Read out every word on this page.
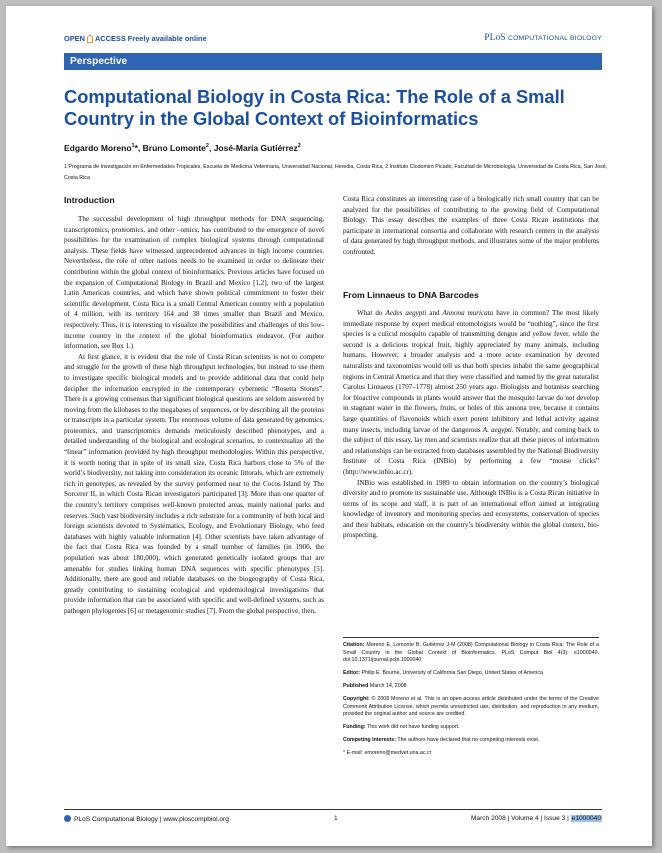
OPEN ACCESS Freely available online	PLoS COMPUTATIONAL BIOLOGY
Perspective
Computational Biology in Costa Rica: The Role of a Small Country in the Global Context of Bioinformatics
Edgardo Moreno$^1$*, Bruno Lomonte$^2$, José-María Gutiérrez$^2$
1 Programa de Investigación en Enfermedades Tropicales, Escuela de Medicina Veterinaria, Universidad Nacional, Heredia, Costa Rica, 2 Instituto Clodomiro Picado, Facultad de Microbiología, Universidad de Costa Rica, San José, Costa Rica
Introduction

The successful development of high throughput methods for DNA sequencing, transcriptomics, proteomics, and other –omics, has contributed to the emergence of novel possibilities for the examination of complex biological systems through computational analysis. These fields have witnessed unprecedented advances in high income countries. Nevertheless, the role of other nations needs to be examined in order to delineate their contribution within the global context of bioinformatics. Previous articles have focused on the expansion of Computational Biology in Brazil and Mexico [1,2], two of the largest Latin American countries, and which have shown political commitment to foster their scientific development. Costa Rica is a small Central American country with a population of 4 million, with its territory 164 and 38 times smaller than Brazil and Mexico, respectively. Thus, it is interesting to visualize the possibilities and challenges of this low-income country in the context of the global bioinformatics endeavor. (For author information, see Box 1.)

At first glance, it is evident that the role of Costa Rican scientists is not to compete and struggle for the growth of these high throughput technologies, but instead to use them to investigate specific biological models and to provide additional data that could help decipher the information encrypted in the contemporary cybernetic “Rosetta Stones”. There is a growing consensus that significant biological questions are seldom answered by moving from the kilobases to the megabases of sequences, or by describing all the proteins or transcripts in a particular system. The enormous volume of data generated by genomics, proteomics, and transcriptomics demands meticulously described phenotypes, and a detailed understanding of the biological and ecological scenarios, to contextualize all the “linear” information provided by high throughput methodologies. Within this perspective, it is worth noting that in spite of its small size, Costa Rica harbors close to 5% of the world’s biodiversity, not taking into consideration its oceanic littorals, which are extremely rich in genotypes, as revealed by the survey performed near to the Cocos Island by The Sorcerer II, in which Costa Rican investigators participated [3]. More than one quarter of the country’s territory comprises well-known protected areas, mainly national parks and reserves. Such vast biodiversity includes a rich substrate for a community of both local and foreign scientists devoted to Systematics, Ecology, and Evolutionary Biology, who feed databases with highly valuable information [4]. Other scientists have taken advantage of the fact that Costa Rica was founded by a small number of families (in 1900, the population was about 180,000), which generated genetically isolated groups that are amenable for studies linking human DNA sequences with specific phenotypes [5]. Additionally, there are good and reliable databases on the biogeography of Costa Rica, greatly contributing to sustaining ecological and epidemiological investigations that provide information that can be associated with specific and well-defined systems, such as pathogen phylogenies [6] or metagenomic studies [7]. From the global perspective, then,

Costa Rica constitutes an interesting case of a biologically rich small country that can be analyzed for the possibilities of contributing to the growing field of Computational Biology. This essay describes the examples of three Costa Rican institutions that participate in international consortia and collaborate with research centers in the analysis of data generated by high throughput methods, and illustrates some of the major problems confronted.

From Linnaeus to DNA Barcodes

What do Aedes aegypti and Annona muricata have in common? The most likely immediate response by expert medical entomologists would be “nothing”, since the first species is a culicid mosquito capable of transmitting dengue and yellow fever, while the second is a delicious tropical fruit, highly appreciated by many animals, including humans. However, a broader analysis and a more acute examination by devoted naturalists and taxonomists would tell us that both species inhabit the same geographical regions in Central America and that they were classified and named by the great naturalist Carolus Linnaeus (1707–1778) almost 250 years ago. Biologists and botanists searching for bioactive compounds in plants would answer that the mosquito larvae do not develop in stagnant water in the flowers, fruits, or holes of this annona tree, because it contains large quantities of flavonoids which exert potent inhibitory and lethal activity against many insects, including larvae of the dangerous A. aegypti. Notably, and coming back to the subject of this essay, lay men and scientists realize that all these pieces of information and relationships can be extracted from databases assembled by the National Biodiversity Institute of Costa Rica (INBio) by performing a few “mouse clicks” (http://www.inbio.ac.cr).

INBio was established in 1989 to obtain information on the country’s biological diversity and to promote its sustainable use. Although INBio is a Costa Rican initiative in terms of its scope and staff, it is part of an international effort aimed at integrating knowledge of inventory and monitoring species and ecosystems, conservation of species and their habitats, education on the country’s biodiversity within the global context, bio-prospecting,

Citation: Moreno E, Lomonte B, Gutiérrez J-M (2008) Computational Biology in Costa Rica: The Role of a Small Country in the Global Context of Bioinformatics. PLoS Comput Biol 4(3): e1000040. doi:10.1371/journal.pcbi.1000040
Editor: Philip E. Bourne, University of California San Diego, United States of America
Published March 14, 2008
Copyright: © 2008 Moreno et al. This is an open-access article distributed under the terms of the Creative Commons Attribution License, which permits unrestricted use, distribution, and reproduction in any medium, provided the original author and source are credited.
Funding: This work did not have funding support.
Competing Interests: The authors have declared that no competing interests exist.
* E-mail: emoreno@medvet.una.ac.cr
PLoS Computational Biology | www.ploscompbiol.org	1	March 2008 | Volume 4 | Issue 3 | e1000040
